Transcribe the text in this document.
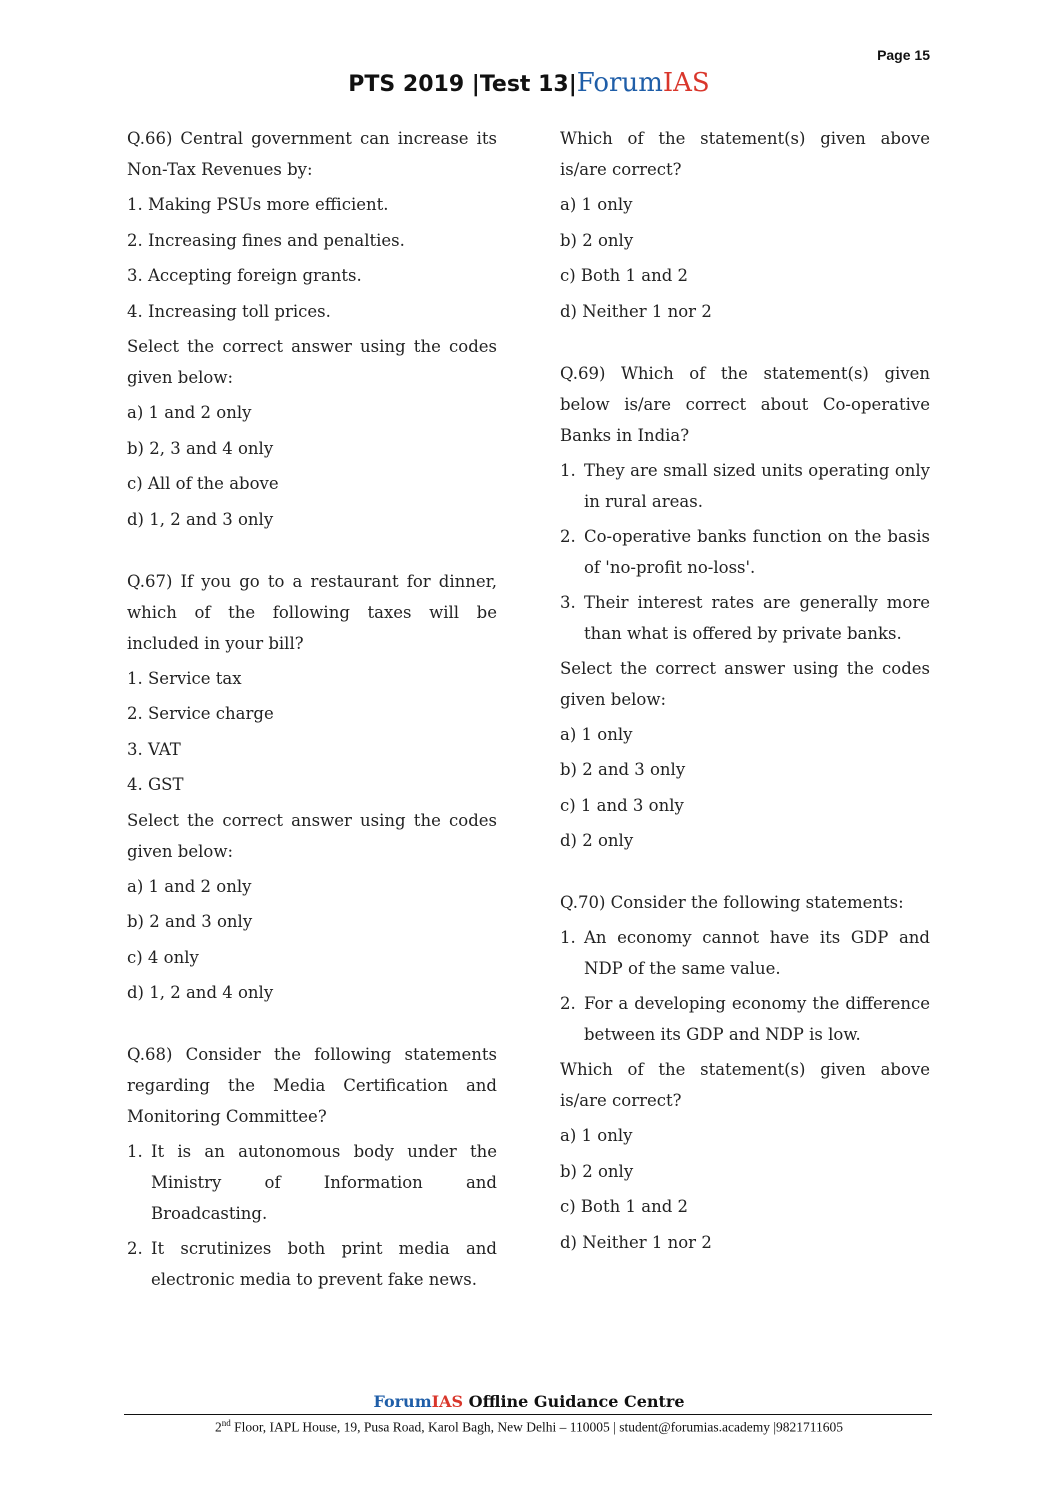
Page 15
PTS 2019 |Test 13|ForumIAS
Q.66) Central government can increase its Non-Tax Revenues by:
1. Making PSUs more efficient.
2. Increasing fines and penalties.
3. Accepting foreign grants.
4. Increasing toll prices.
Select the correct answer using the codes given below:
a) 1 and 2 only
b) 2, 3 and 4 only
c) All of the above
d) 1, 2 and 3 only
Q.67) If you go to a restaurant for dinner, which of the following taxes will be included in your bill?
1. Service tax
2. Service charge
3. VAT
4. GST
Select the correct answer using the codes given below:
a) 1 and 2 only
b) 2 and 3 only
c) 4 only
d) 1, 2 and 4 only
Q.68) Consider the following statements regarding the Media Certification and Monitoring Committee?
1. It is an autonomous body under the Ministry of Information and Broadcasting.
2. It scrutinizes both print media and electronic media to prevent fake news.
Which of the statement(s) given above is/are correct?
a) 1 only
b) 2 only
c) Both 1 and 2
d) Neither 1 nor 2
Q.69) Which of the statement(s) given below is/are correct about Co-operative Banks in India?
1. They are small sized units operating only in rural areas.
2. Co-operative banks function on the basis of 'no-profit no-loss'.
3. Their interest rates are generally more than what is offered by private banks.
Select the correct answer using the codes given below:
a) 1 only
b) 2 and 3 only
c) 1 and 3 only
d) 2 only
Q.70) Consider the following statements:
1. An economy cannot have its GDP and NDP of the same value.
2. For a developing economy the difference between its GDP and NDP is low.
Which of the statement(s) given above is/are correct?
a) 1 only
b) 2 only
c) Both 1 and 2
d) Neither 1 nor 2
ForumIAS Offline Guidance Centre
2nd Floor, IAPL House, 19, Pusa Road, Karol Bagh, New Delhi – 110005 | student@forumias.academy |9821711605
